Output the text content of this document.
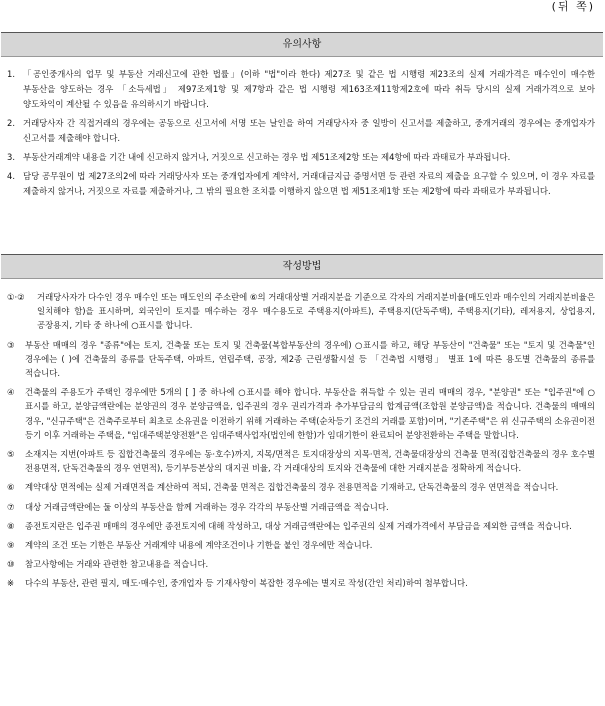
(뒤 쪽)
유의사항
1. 「공인중개사의 업무 및 부동산 거래신고에 관한 법률」(이하 "법"이라 한다) 제27조 및 같은 법 시행령 제23조의 실제 거래가격은 매수인이 매수한 부동산을 양도하는 경우 「소득세법」 제97조제1항 및 제7항과 같은 법 시행령 제163조제11항제2호에 따라 취득 당시의 실제 거래가격으로 보아 양도차익이 계산될 수 있음을 유의하시기 바랍니다.
2. 거래당사자 간 직접거래의 경우에는 공동으로 신고서에 서명 또는 날인을 하여 거래당사자 중 일방이 신고서를 제출하고, 중개거래의 경우에는 중개업자가 신고서를 제출해야 합니다.
3. 부동산거래계약 내용을 기간 내에 신고하지 않거나, 거짓으로 신고하는 경우 법 제51조제2항 또는 제4항에 따라 과태료가 부과됩니다.
4. 담당 공무원이 법 제27조의2에 따라 거래당사자 또는 중개업자에게 계약서, 거래대금지급 증명서면 등 관련 자료의 제출을 요구할 수 있으며, 이 경우 자료를 제출하지 않거나, 거짓으로 자료를 제출하거나, 그 밖의 필요한 조치를 이행하지 않으면 법 제51조제1항 또는 제2항에 따라 과태료가 부과됩니다.
작성방법
①·②	거래당사자가 다수인 경우 매수인 또는 매도인의 주소란에 ⑥의 거래대상별 거래지분을 기준으로 각자의 거래지분비율(매도인과 매수인의 거래지분비율은 일치해야 함)을 표시하며, 외국인이 토지를 매수하는 경우 매수용도로 주택용지(아파트), 주택용지(단독주택), 주택용지(기타), 레저용지, 상업용지, 공장용지, 기타 중 하나에 ○표시를 합니다.
③	부동산 매매의 경우 "종류"에는 토지, 건축물 또는 토지 및 건축물(복합부동산의 경우에) ○표시를 하고, 해당 부동산이 "건축물" 또는 "토지 및 건축물"인 경우에는 ( )에 건축물의 종류를 단독주택, 아파트, 연립주택, 공장, 제2종 근린생활시설 등 「건축법 시행령」 별표 1에 따른 용도별 건축물의 종류를 적습니다.
④	건축물의 주용도가 주택인 경우에만 5개의 [ ] 중 하나에 ○표시를 해야 합니다. 부동산을 취득할 수 있는 권리 매매의 경우, "분양권" 또는 "입주권"에 ○표시를 하고, 분양금액란에는 분양권의 경우 분양금액을, 입주권의 경우 권리가격과 추가부담금의 합계금액(조합원 분양금액)을 적습니다. 건축물의 매매의 경우, "신규주택"은 건축주로부터 최초로 소유권을 이전하기 위해 거래하는 주택(순차등기 조건의 거래를 포함)이며, "기존주택"은 위 신규주택의 소유권이전 등기 이후 거래하는 주택을, "임대주택분양전환"은 임대주택사업자(법인에 한함)가 임대기한이 완료되어 분양전환하는 주택을 말합니다.
⑤	소재지는 지번(아파트 등 집합건축물의 경우에는 동·호수)까지, 지목/면적은 토지대장상의 지목·면적, 건축물대장상의 건축물 면적(집합건축물의 경우 호수별 전용면적, 단독건축물의 경우 연면적), 등기부등본상의 대지권 비율, 각 거래대상의 토지와 건축물에 대한 거래지분을 정확하게 적습니다.
⑥	계약대상 면적에는 실제 거래면적을 계산하여 적되, 건축물 면적은 집합건축물의 경우 전용면적을 기재하고, 단독건축물의 경우 연면적을 적습니다.
⑦	대상 거래금액란에는 둘 이상의 부동산을 함께 거래하는 경우 각각의 부동산별 거래금액을 적습니다.
⑧	종전토지란은 입주권 매매의 경우에만 종전토지에 대해 작성하고, 대상 거래금액란에는 입주권의 실제 거래가격에서 부담금을 제외한 금액을 적습니다.
⑨	계약의 조건 또는 기한은 부동산 거래계약 내용에 계약조건이나 기한을 붙인 경우에만 적습니다.
⑩	참고사항에는 거래와 관련한 참고내용을 적습니다.
※	다수의 부동산, 관련 필지, 매도·매수인, 중개업자 등 기재사항이 복잡한 경우에는 별지로 작성(간인 처리)하여 첨부합니다.
